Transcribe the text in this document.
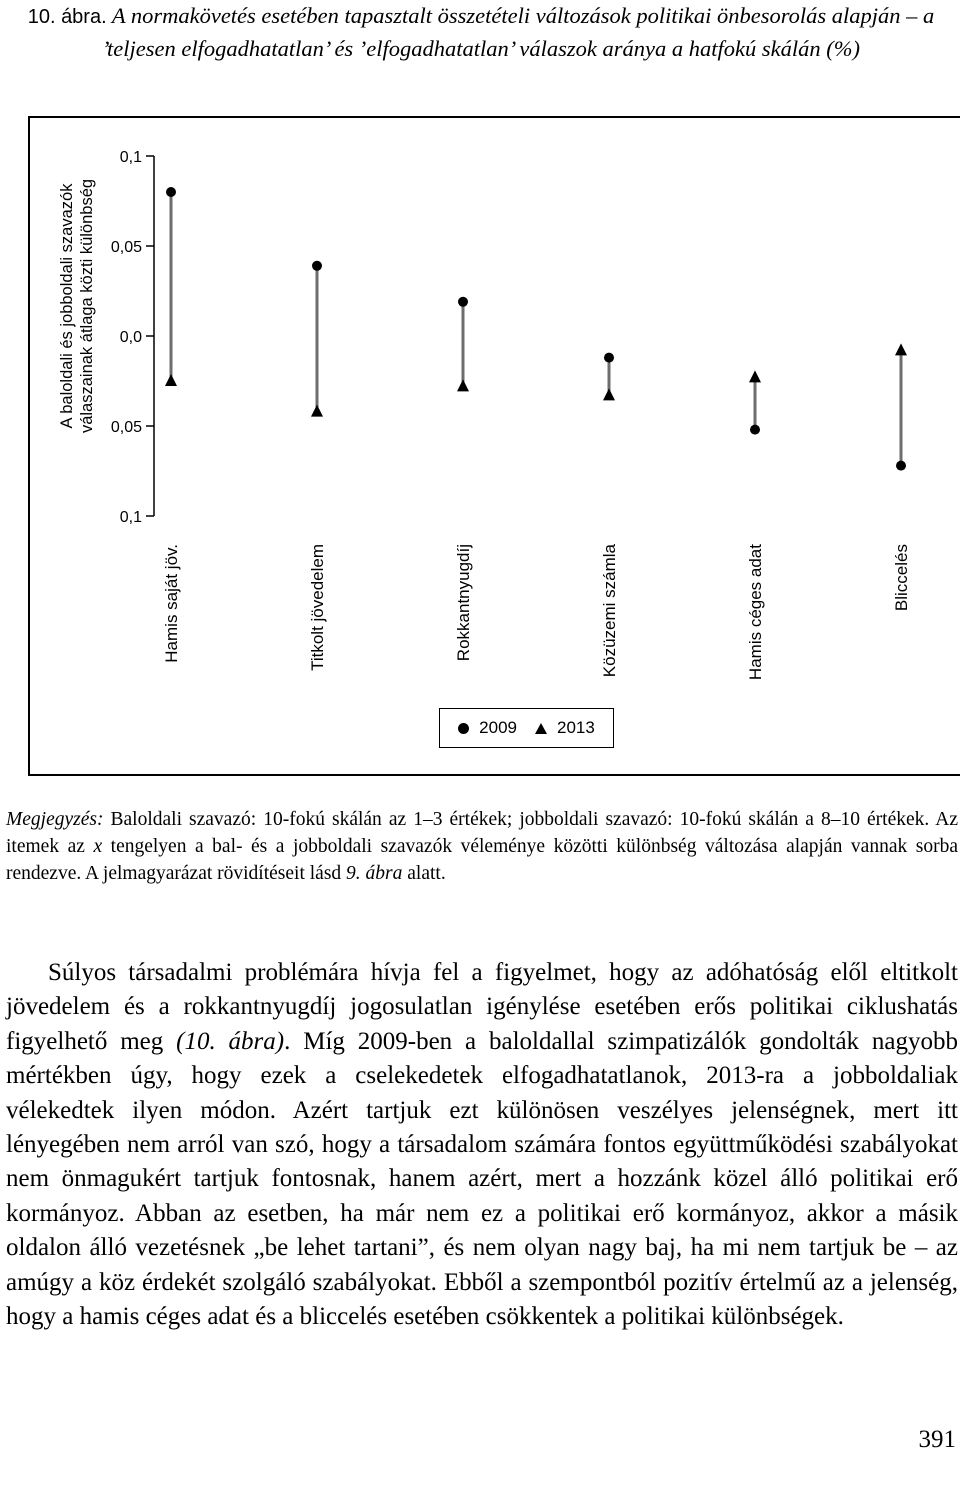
10. ábra. A normakövetés esetében tapasztalt összetételi változások politikai önbesorolás alapján – a ’teljesen elfogadhatatlan’ és ’elfogadhatatlan’ válaszok aránya a hatfokú skálán (%)
0,1
0,05
0,0
0,05
0,1
A baloldali és jobboldali szavazók válaszainak átlaga közti különbség
Hamis saját jöv.	Titkolt jövedelem	Rokkantnyugdíj	Közüzemi számla	Hamis céges adat	Bliccelés
2009 2013
Megjegyzés: Baloldali szavazó: 10-fokú skálán az 1–3 értékek; jobboldali szavazó: 10-fokú skálán a 8–10 értékek. Az itemek az x tengelyen a bal- és a jobboldali szavazók véleménye közötti különbség változása alapján vannak sorba rendezve. A jelmagyarázat rövidítéseit lásd 9. ábra alatt.

Súlyos társadalmi problémára hívja fel a figyelmet, hogy az adóhatóság elől eltitkolt jövedelem és a rokkantnyugdíj jogosulatlan igénylése esetében erős politikai ciklushatás figyelhető meg (10. ábra). Míg 2009-ben a baloldallal szimpatizálók gondolták nagyobb mértékben úgy, hogy ezek a cselekedetek elfogadhatatlanok, 2013-ra a jobboldaliak vélekedtek ilyen módon. Azért tartjuk ezt különösen veszélyes jelenségnek, mert itt lényegében nem arról van szó, hogy a társadalom számára fontos együttműködési szabályokat nem önmagukért tartjuk fontosnak, hanem azért, mert a hozzánk közel álló politikai erő kormányoz. Abban az esetben, ha már nem ez a politikai erő kormányoz, akkor a másik oldalon álló vezetésnek „be lehet tartani”, és nem olyan nagy baj, ha mi nem tartjuk be – az amúgy a köz érdekét szolgáló szabályokat. Ebből a szempontból pozitív értelmű az a jelenség, hogy a hamis céges adat és a bliccelés esetében csökkentek a politikai különbségek.

391
